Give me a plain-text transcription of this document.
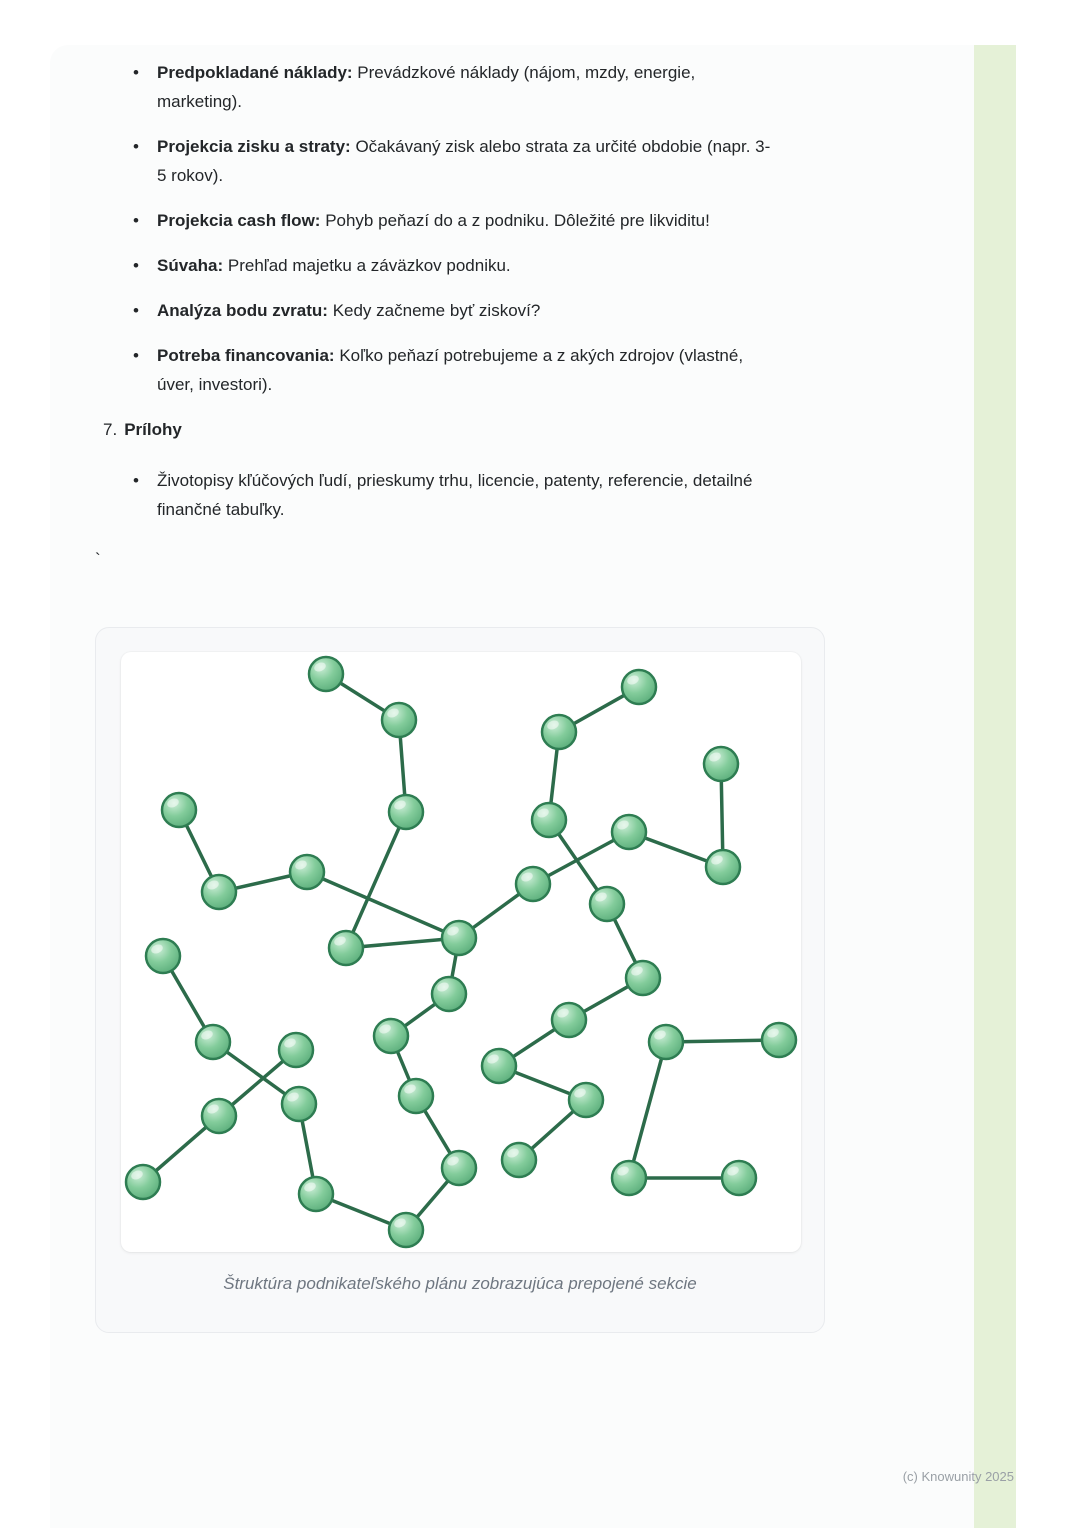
• Predpokladané náklady: Prevádzkové náklady (nájom, mzdy, energie, marketing).
• Projekcia zisku a straty: Očakávaný zisk alebo strata za určité obdobie (napr. 3-5 rokov).
• Projekcia cash flow: Pohyb peňazí do a z podniku. Dôležité pre likviditu!
• Súvaha: Prehľad majetku a záväzkov podniku.
• Analýza bodu zvratu: Kedy začneme byť ziskoví?
• Potreba financovania: Koľko peňazí potrebujeme a z akých zdrojov (vlastné, úver, investori).
7. Prílohy
• Životopisy kľúčových ľudí, prieskumy trhu, licencie, patenty, referencie, detailné finančné tabuľky.
`
Štruktúra podnikateľského plánu zobrazujúca prepojené sekcie
(c) Knowunity 2025
